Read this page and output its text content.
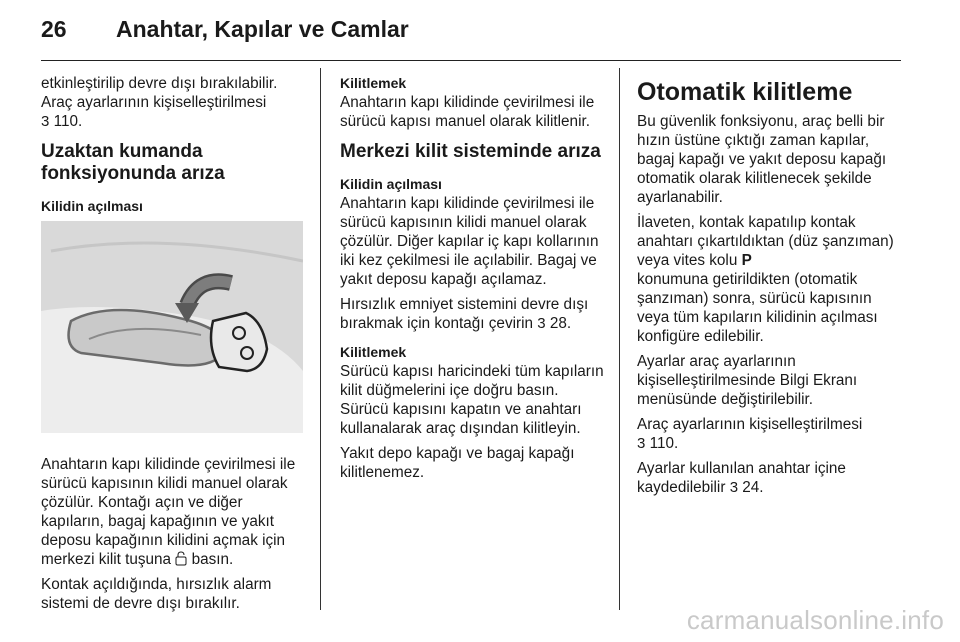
26 Anahtar, Kapılar ve Camlar

etkinleştirilip devre dışı bırakılabilir. Araç ayarlarının kişiselleştirilmesi
3 110.

Uzaktan kumanda fonksiyonunda arıza
Kilidin açılması

Anahtarın kapı kilidinde çevirilmesi ile sürücü kapısının kilidi manuel olarak çözülür. Kontağı açın ve diğer kapıların, bagaj kapağının ve yakıt deposu kapağının kilidini açmak için merkezi kilit tuşuna basın.

Kontak açıldığında, hırsızlık alarm sistemi de devre dışı bırakılır.

Kilitlemek

Anahtarın kapı kilidinde çevirilmesi ile sürücü kapısı manuel olarak kilitlenir.

Merkezi kilit sisteminde arıza
Kilidin açılması

Anahtarın kapı kilidinde çevirilmesi ile sürücü kapısının kilidi manuel olarak çözülür. Diğer kapılar iç kapı kollarının iki kez çekilmesi ile açılabilir. Bagaj ve yakıt deposu kapağı açılamaz.

Hırsızlık emniyet sistemini devre dışı bırakmak için kontağı çevirin 3 28.

Kilitlemek

Sürücü kapısı haricindeki tüm kapıların kilit düğmelerini içe doğru basın. Sürücü kapısını kapatın ve anahtarı kullanalarak araç dışından kilitleyin.

Yakıt depo kapağı ve bagaj kapağı kilitlenemez.

Otomatik kilitleme

Bu güvenlik fonksiyonu, araç belli bir hızın üstüne çıktığı zaman kapılar, bagaj kapağı ve yakıt deposu kapağı otomatik olarak kilitlenecek şekilde ayarlanabilir.

İlaveten, kontak kapatılıp kontak anahtarı çıkartıldıktan (düz şanzıman) veya vites kolu P
konumuna getirildikten (otomatik şanzıman) sonra, sürücü kapısının veya tüm kapıların kilidinin açılması konfigüre edilebilir.

Ayarlar araç ayarlarının kişiselleştirilmesinde Bilgi Ekranı menüsünde değiştirilebilir.

Araç ayarlarının kişiselleştirilmesi
3 110.

Ayarlar kullanılan anahtar içine kaydedilebilir 3 24.

carmanualsonline.info
